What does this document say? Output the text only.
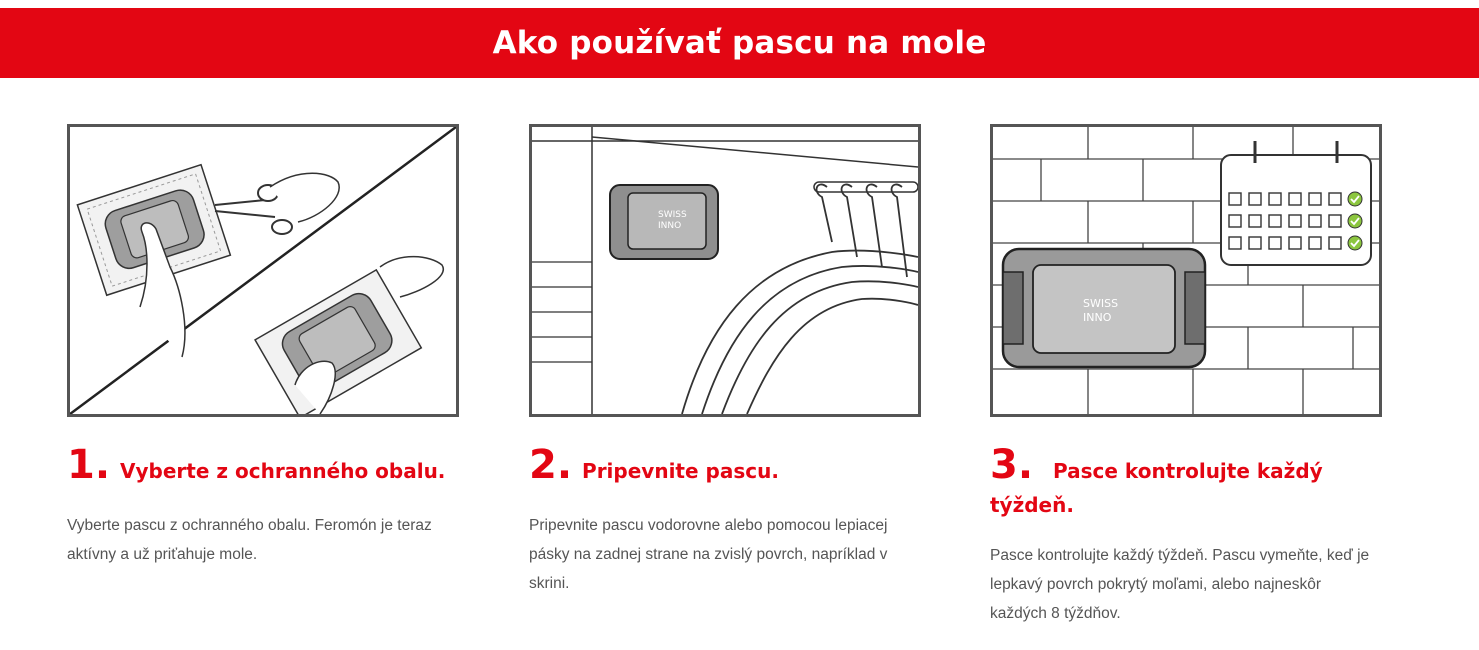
Ako používať pascu na mole
1. Vyberte z ochranného obalu.

Vyberte pascu z ochranného obalu. Feromón je teraz aktívny a už priťahuje mole.

SWISS
INNO
2. Pripevnite pascu.

Pripevnite pascu vodorovne alebo pomocou lepiacej pásky na zadnej strane na zvislý povrch, napríklad v skrini.

SWISS
INNO
3. Pasce kontrolujte každý týždeň.

Pasce kontrolujte každý týždeň. Pascu vymeňte, keď je lepkavý povrch pokrytý moľami, alebo najneskôr každých 8 týždňov.
